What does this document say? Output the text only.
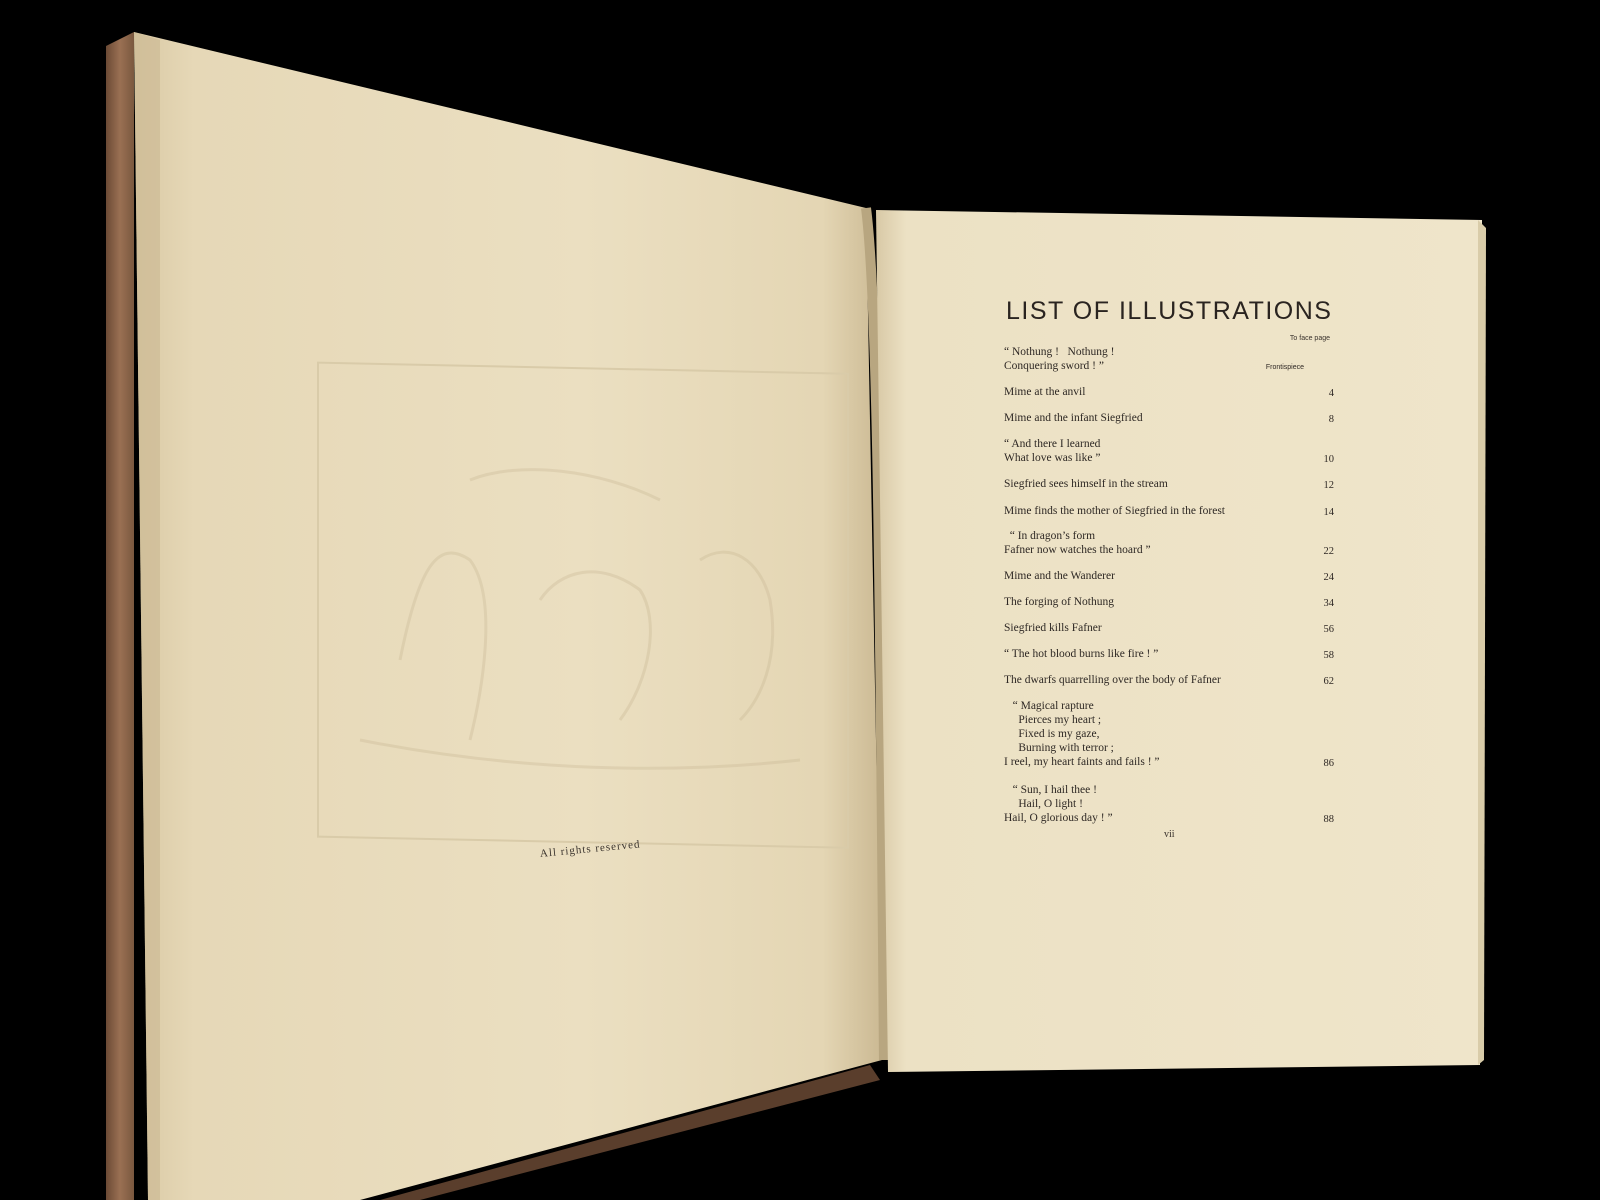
All rights reserved
LIST OF ILLUSTRATIONS
To face page
“ Nothung !   Nothung !
Conquering sword ! ”	Frontispiece
Mime at the anvil	4
Mime and the infant Siegfried	8
“ And there I learned
What love was like ”	10
Siegfried sees himself in the stream	12
Mime finds the mother of Siegfried in the forest	14
“ In dragon’s form
Fafner now watches the hoard ”	22
Mime and the Wanderer	24
The forging of Nothung	34
Siegfried kills Fafner	56
“ The hot blood burns like fire ! ”	58
The dwarfs quarrelling over the body of Fafner	62
“ Magical rapture
Pierces my heart ;
Fixed is my gaze,
Burning with terror ;
I reel, my heart faints and fails ! ”	86
“ Sun, I hail thee !
Hail, O light !
Hail, O glorious day ! ”	88
vii
